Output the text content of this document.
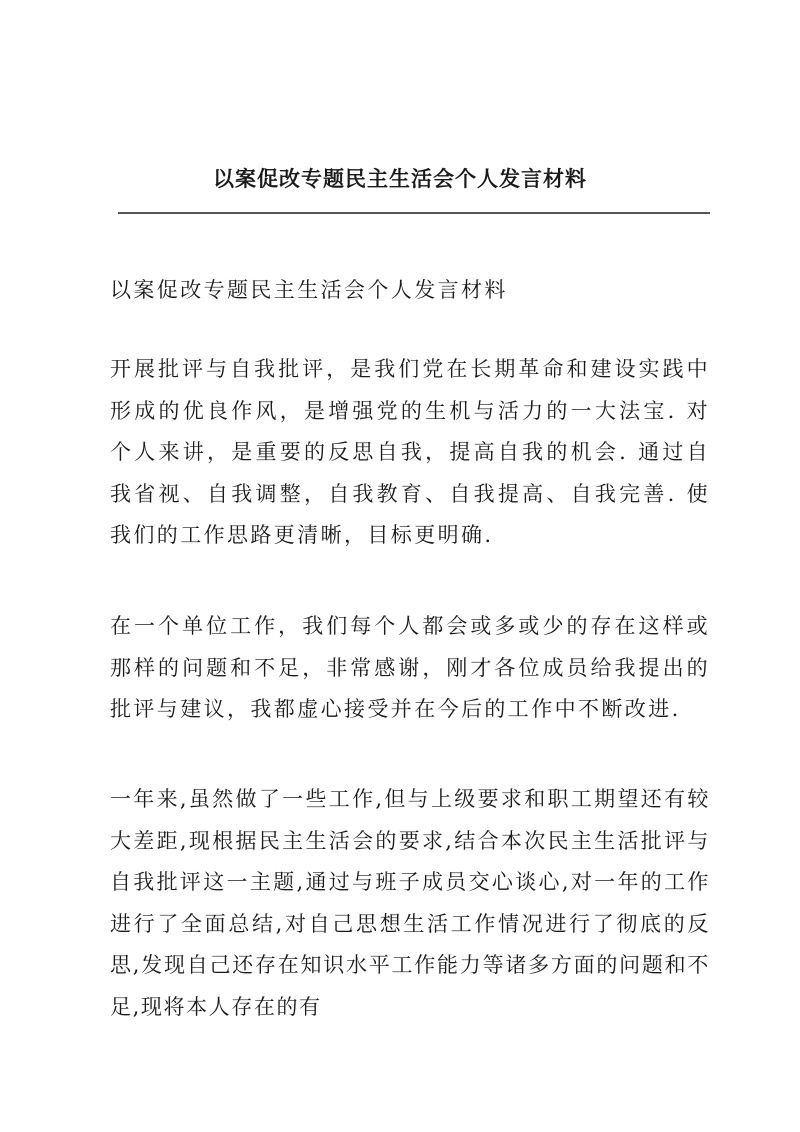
以案促改专题民主生活会个人发言材料

以案促改专题民主生活会个人发言材料

开展批评与自我批评，是我们党在长期革命和建设实践中形成的优良作风，是增强党的生机与活力的一大法宝. 对个人来讲，是重要的反思自我，提高自我的机会. 通过自我省视、自我调整，自我教育、自我提高、自我完善. 使我们的工作思路更清晰，目标更明确.

在一个单位工作，我们每个人都会或多或少的存在这样或那样的问题和不足，非常感谢，刚才各位成员给我提出的批评与建议，我都虚心接受并在今后的工作中不断改进.

一年来,虽然做了一些工作,但与上级要求和职工期望还有较大差距,现根据民主生活会的要求,结合本次民主生活批评与自我批评这一主题,通过与班子成员交心谈心,对一年的工作进行了全面总结,对自己思想生活工作情况进行了彻底的反思,发现自己还存在知识水平工作能力等诸多方面的问题和不足,现将本人存在的有
